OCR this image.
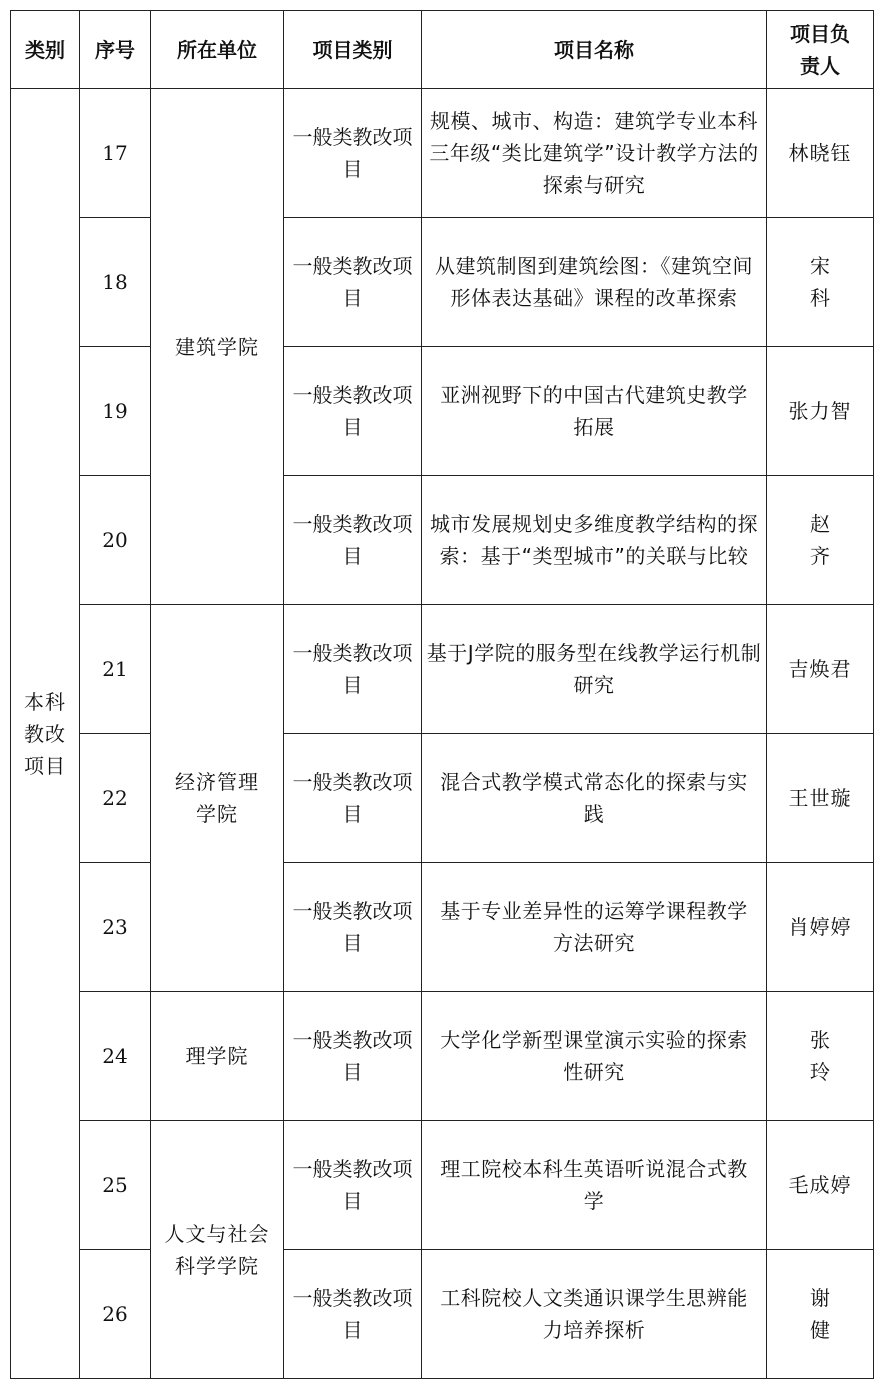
类别	序号	所在单位	项目类别	项目名称	项目负责人
本科教改项目	17	建筑学院	一般类教改项目	规模、城市、构造：建筑学专业本科三年级“类比建筑学”设计教学方法的探索与研究	林晓钰
	18		一般类教改项目	从建筑制图到建筑绘图：《建筑空间形体表达基础》课程的改革探索	宋科
	19		一般类教改项目	亚洲视野下的中国古代建筑史教学拓展	张力智
	20		一般类教改项目	城市发展规划史多维度教学结构的探索：基于“类型城市”的关联与比较	赵齐
	21	经济管理学院	一般类教改项目	基于J学院的服务型在线教学运行机制研究	吉焕君
	22		一般类教改项目	混合式教学模式常态化的探索与实践	王世璇
	23		一般类教改项目	基于专业差异性的运筹学课程教学方法研究	肖婷婷
	24	理学院	一般类教改项目	大学化学新型课堂演示实验的探索性研究	张玲
	25	人文与社会科学学院	一般类教改项目	理工院校本科生英语听说混合式教学	毛成婷
	26		一般类教改项目	工科院校人文类通识课学生思辨能力培养探析	谢健
